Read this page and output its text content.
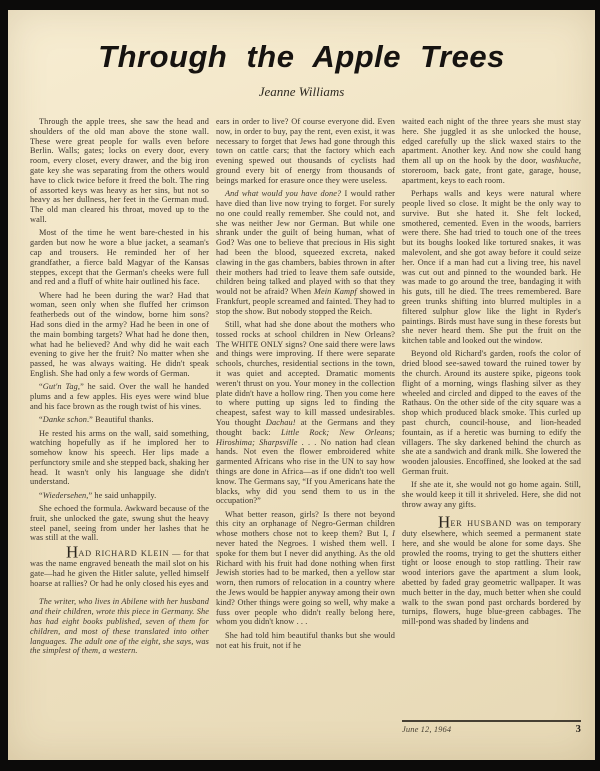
Through the Apple Trees
Jeanne Williams

Through the apple trees, she saw the head and shoulders of the old man above the stone wall. These were great people for walls even before Berlin. Walls; gates; locks on every door, every room, every closet, every drawer, and the big iron gate key she was separating from the others would have to click twice before it freed the bolt. The ring of assorted keys was heavy as her sins, but not so heavy as her dullness, her feet in the German mud. The old man cleared his throat, moved up to the wall.

Most of the time he went bare-chested in his garden but now he wore a blue jacket, a seaman's cap and trousers. He reminded her of her grandfather, a fierce bald Magyar of the Kansas steppes, except that the German's cheeks were full and red and a fluff of white hair outlined his face.

Where had he been during the war? Had that woman, seen only when she fluffed her crimson featherbeds out of the window, borne him sons? Had sons died in the army? Had he been in one of the main bombing targets? What had he done then, what had he believed? And why did he wait each evening to give her the fruit? No matter when she passed, he was always waiting. He didn't speak English. She had only a few words of German.

“Gut'n Tag,” he said. Over the wall he handed plums and a few apples. His eyes were wind blue and his face brown as the rough twist of his vines.

“Danke schon.” Beautiful thanks.

He rested his arms on the wall, said something, watching hopefully as if he implored her to somehow know his speech. Her lips made a perfunctory smile and she stepped back, shaking her head. It wasn't only his language she didn't understand.

“Wiedersehen,” he said unhappily.

She echoed the formula. Awkward because of the fruit, she unlocked the gate, swung shut the heavy steel panel, seeing from under her lashes that he was still at the wall.

HAD RICHARD KLEIN — for that was the name engraved beneath the mail slot on his gate—had he given the Hitler salute, yelled himself hoarse at rallies? Or had he only closed his eyes and

The writer, who lives in Abilene with her husband and their children, wrote this piece in Germany. She has had eight books published, seven of them for children, and most of these translated into other languages. The adult one of the eight, she says, was the simplest of them, a western.

ears in order to live? Of course everyone did. Even now, in order to buy, pay the rent, even exist, it was necessary to forget that Jews had gone through this town on cattle cars; that the factory which each evening spewed out thousands of cyclists had ground every bit of energy from thousands of beings marked for erasure once they were useless.

And what would you have done? I would rather have died than live now trying to forget. For surely no one could really remember. She could not, and she was neither Jew nor German. But while one shrank under the guilt of being human, what of God? Was one to believe that precious in His sight had been the blood, squeezed excreta, naked clawing in the gas chambers, babies thrown in after their mothers had tried to leave them safe outside, children being talked and played with so that they would not be afraid? When Mein Kampf showed in Frankfurt, people screamed and fainted. They had to stop the show. But nobody stopped the Reich.

Still, what had she done about the mothers who tossed rocks at school children in New Orleans? The WHITE ONLY signs? One said there were laws and things were improving. If there were separate schools, churches, residential sections in the town, it was quiet and accepted. Dramatic moments weren't thrust on you. Your money in the collection plate didn't have a hollow ring. Then you come here to where putting up signs led to finding the cheapest, safest way to kill massed undesirables. You thought Dachau! at the Germans and they thought back: Little Rock; New Orleans; Hiroshima; Sharpsville . . . No nation had clean hands. Not even the flower embroidered white garmented Africans who rise in the UN to say how things are done in Africa—as if one didn't too well know. The Germans say, “If you Americans hate the blacks, why did you send them to us in the occupation?”

What better reason, girls? Is there not beyond this city an orphanage of Negro-German children whose mothers chose not to keep them? But I, I never hated the Negroes. I wished them well. I spoke for them but I never did anything. As the old Richard with his fruit had done nothing when first Jewish stories had to be marked, then a yellow star worn, then rumors of relocation in a country where the Jews would be happier anyway among their own kind? Other things were going so well, why make a fuss over people who didn't really belong here, whom you didn't know . . .

She had told him beautiful thanks but she would not eat his fruit, not if he

waited each night of the three years she must stay here. She juggled it as she unlocked the house, edged carefully up the slick waxed stairs to the apartment. Another key. And now she could hang them all up on the hook by the door, washkuche, storeroom, back gate, front gate, garage, house, apartment, keys to each room.

Perhaps walls and keys were natural where people lived so close. It might be the only way to survive. But she hated it. She felt locked, smothered, cemented. Even in the woods, barriers were there. She had tried to touch one of the trees but its boughs looked like tortured snakes, it was malevolent, and she got away before it could seize her. Once if a man had cut a living tree, his navel was cut out and pinned to the wounded bark. He was made to go around the tree, bandaging it with his guts, till he died. The trees remembered. Bare green trunks shifting into blurred multiples in a filtered sulphur glow like the light in Ryder's paintings. Birds must have sung in these forests but she never heard them. She put the fruit on the kitchen table and looked out the window.

Beyond old Richard's garden, roofs the color of dried blood see-sawed toward the ruined tower by the church. Around its austere spike, pigeons took flight of a morning, wings flashing silver as they wheeled and circled and dipped to the eaves of the Rathaus. On the other side of the city square was a shop which produced black smoke. This curled up past church, council-house, and lion-headed fountain, as if a heretic was burning to edify the villagers. The sky darkened behind the church as she ate a sandwich and drank milk. She lowered the wooden jalousies. Encoffined, she looked at the sad German fruit.

If she ate it, she would not go home again. Still, she would keep it till it shriveled. Here, she did not throw away any gifts.

HER HUSBAND was on temporary duty elsewhere, which seemed a permanent state here, and she would be alone for some days. She prowled the rooms, trying to get the shutters either tight or loose enough to stop rattling. Their raw wood interiors gave the apartment a slum look, abetted by faded gray geometric wallpaper. It was much better in the day, much better when she could walk to the swan pond past orchards bordered by turnips, flowers, huge blue-green cabbages. The mill-pond was shaded by lindens and

June 12, 1964	3
